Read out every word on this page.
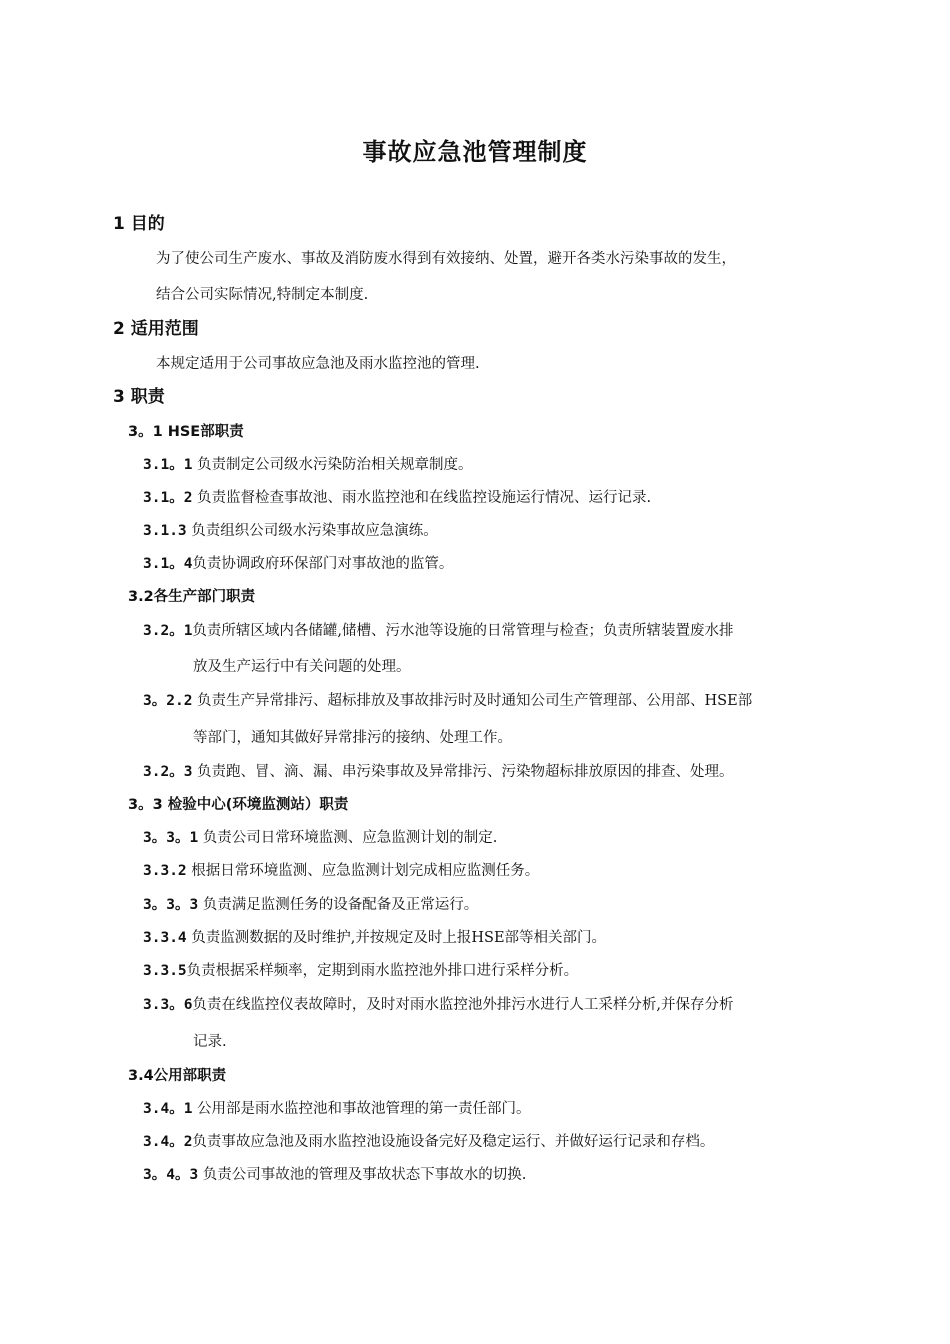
事故应急池管理制度
1 目的
为了使公司生产废水、事故及消防废水得到有效接纳、处置，避开各类水污染事故的发生，
结合公司实际情况,特制定本制度.
2 适用范围
本规定适用于公司事故应急池及雨水监控池的管理.
3 职责
3。1 HSE部职责
3.1。1 负责制定公司级水污染防治相关规章制度。
3.1。2 负责监督检查事故池、雨水监控池和在线监控设施运行情况、运行记录.
3.1.3 负责组织公司级水污染事故应急演练。
3.1。4负责协调政府环保部门对事故池的监管。
3.2各生产部门职责
3.2。1负责所辖区域内各储罐,储槽、污水池等设施的日常管理与检查；负责所辖装置废水排
放及生产运行中有关问题的处理。
3。2.2 负责生产异常排污、超标排放及事故排污时及时通知公司生产管理部、公用部、HSE部
等部门，通知其做好异常排污的接纳、处理工作。
3.2。3 负责跑、冒、滴、漏、串污染事故及异常排污、污染物超标排放原因的排查、处理。
3。3 检验中心(环境监测站）职责
3。3。1 负责公司日常环境监测、应急监测计划的制定.
3.3.2 根据日常环境监测、应急监测计划完成相应监测任务。
3。3。3 负责满足监测任务的设备配备及正常运行。
3.3.4 负责监测数据的及时维护,并按规定及时上报HSE部等相关部门。
3.3.5负责根据采样频率，定期到雨水监控池外排口进行采样分析。
3.3。6负责在线监控仪表故障时，及时对雨水监控池外排污水进行人工采样分析,并保存分析
记录.
3.4公用部职责
3.4。1 公用部是雨水监控池和事故池管理的第一责任部门。
3.4。2负责事故应急池及雨水监控池设施设备完好及稳定运行、并做好运行记录和存档。
3。4。3 负责公司事故池的管理及事故状态下事故水的切换.
